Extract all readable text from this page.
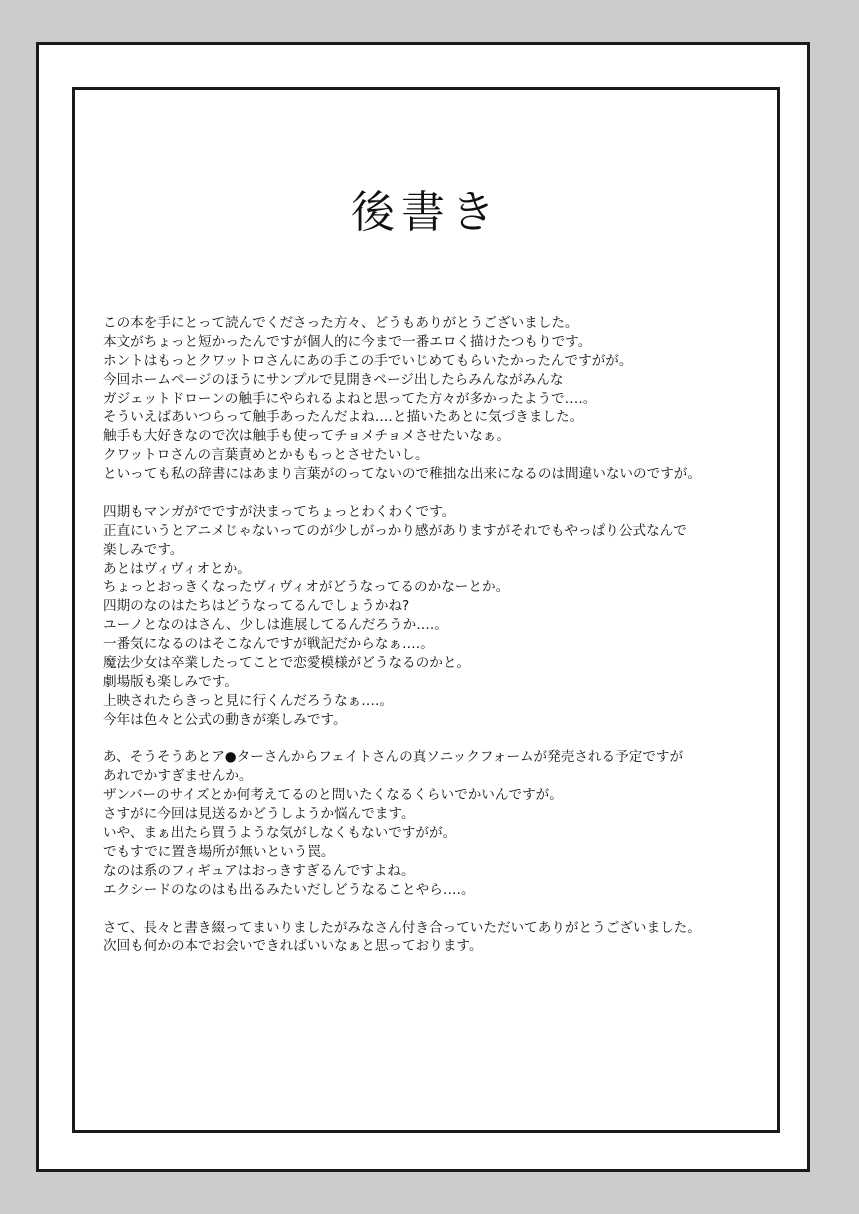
後書き
この本を手にとって読んでくださった方々、どうもありがとうございました。
本文がちょっと短かったんですが個人的に今まで一番エロく描けたつもりです。
ホントはもっとクワットロさんにあの手この手でいじめてもらいたかったんですがが。
今回ホームページのほうにサンプルで見開きページ出したらみんながみんな
ガジェットドローンの触手にやられるよねと思ってた方々が多かったようで‥‥。
そういえばあいつらって触手あったんだよね‥‥と描いたあとに気づきました。
触手も大好きなので次は触手も使ってチョメチョメさせたいなぁ。
クワットロさんの言葉責めとかももっとさせたいし。
といっても私の辞書にはあまり言葉がのってないので稚拙な出来になるのは間違いないのですが。
四期もマンガがでですが決まってちょっとわくわくです。
正直にいうとアニメじゃないってのが少しがっかり感がありますがそれでもやっぱり公式なんで
楽しみです。
あとはヴィヴィオとか。
ちょっとおっきくなったヴィヴィオがどうなってるのかなーとか。
四期のなのはたちはどうなってるんでしょうかね?
ユーノとなのはさん、少しは進展してるんだろうか‥‥。
一番気になるのはそこなんですが戦記だからなぁ‥‥。
魔法少女は卒業したってことで恋愛模様がどうなるのかと。
劇場版も楽しみです。
上映されたらきっと見に行くんだろうなぁ‥‥。
今年は色々と公式の動きが楽しみです。
あ、そうそうあとア●ターさんからフェイトさんの真ソニックフォームが発売される予定ですが
あれでかすぎませんか。
ザンバーのサイズとか何考えてるのと問いたくなるくらいでかいんですが。
さすがに今回は見送るかどうしようか悩んでます。
いや、まぁ出たら買うような気がしなくもないですがが。
でもすでに置き場所が無いという罠。
なのは系のフィギュアはおっきすぎるんですよね。
エクシードのなのはも出るみたいだしどうなることやら‥‥。
さて、長々と書き綴ってまいりましたがみなさん付き合っていただいてありがとうございました。
次回も何かの本でお会いできればいいなぁと思っております。
